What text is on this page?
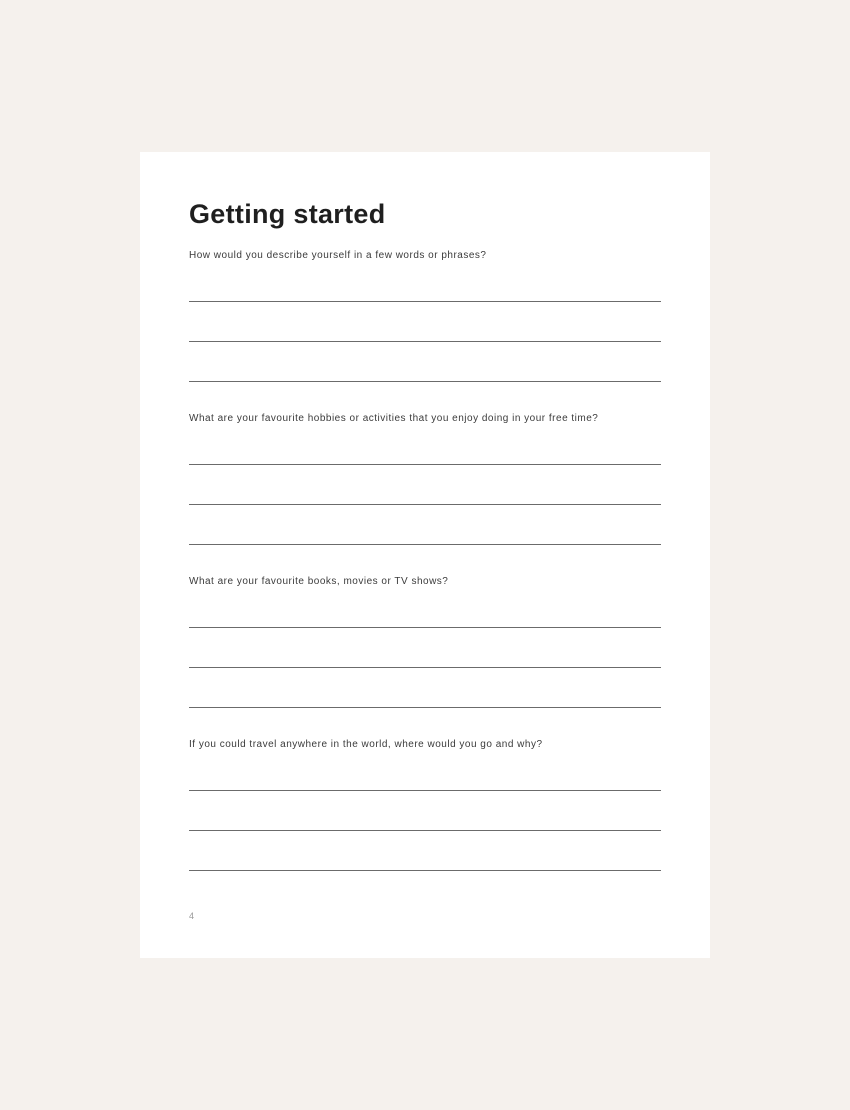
Getting started
How would you describe yourself in a few words or phrases?
What are your favourite hobbies or activities that you enjoy doing in your free time?
What are your favourite books, movies or TV shows?
If you could travel anywhere in the world, where would you go and why?
4
